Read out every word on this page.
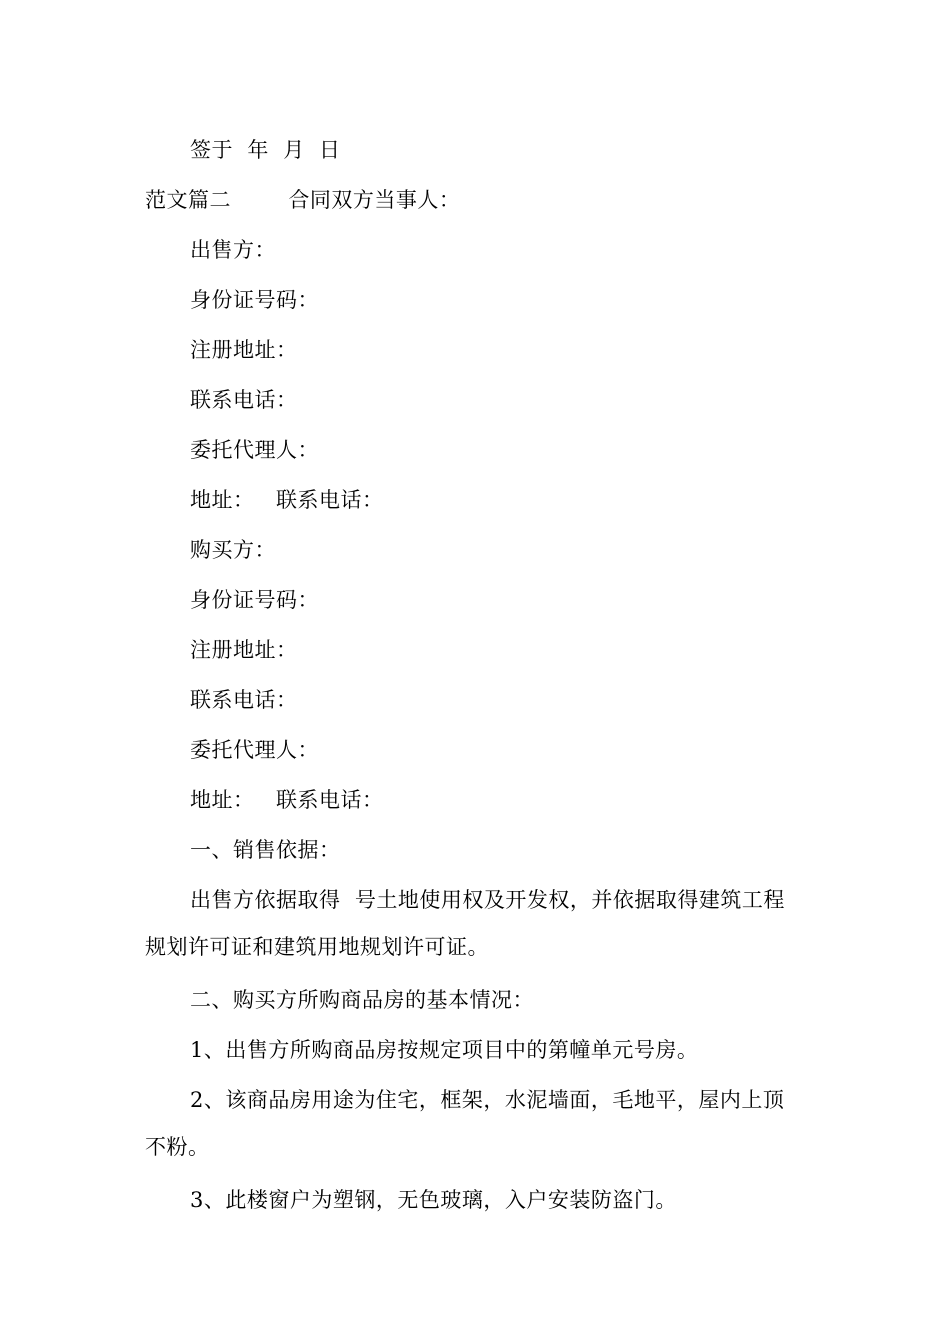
签于  年  月  日
范文篇二        合同双方当事人：
出售方：
身份证号码：
注册地址：
联系电话：
委托代理人：
地址：   联系电话：
购买方：
身份证号码：
注册地址：
联系电话：
委托代理人：
地址：   联系电话：
一、销售依据：
出售方依据取得  号土地使用权及开发权，并依据取得建筑工程
规划许可证和建筑用地规划许可证。
二、购买方所购商品房的基本情况：
1、出售方所购商品房按规定项目中的第幢单元号房。
2、该商品房用途为住宅，框架，水泥墙面，毛地平，屋内上顶
不粉。
3、此楼窗户为塑钢，无色玻璃，入户安装防盗门。
